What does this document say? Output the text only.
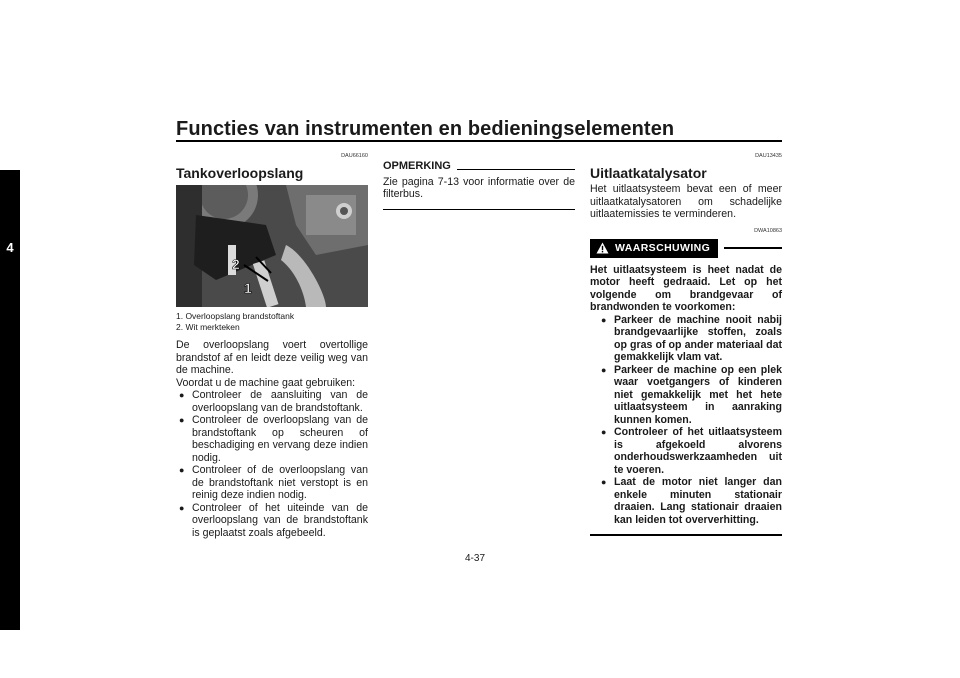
Functies van instrumenten en bedieningselementen
4
DAU66160
Tankoverloopslang
2
1
1. Overloopslang brandstoftank
2. Wit merkteken
De overloopslang voert overtollige brandstof af en leidt deze veilig weg van de machine.
Voordat u de machine gaat gebruiken:
● Controleer de aansluiting van de overloopslang van de brandstoftank.
● Controleer de overloopslang van de brandstoftank op scheuren of beschadiging en vervang deze indien nodig.
● Controleer of de overloopslang van de brandstoftank niet verstopt is en reinig deze indien nodig.
● Controleer of het uiteinde van de overloopslang van de brandstoftank is geplaatst zoals afgebeeld.
OPMERKING
Zie pagina 7-13 voor informatie over de filterbus.
DAU13435
Uitlaatkatalysator
Het uitlaatsysteem bevat een of meer uitlaatkatalysatoren om schadelijke uitlaatemissies te verminderen.
DWA10863
WAARSCHUWING
Het uitlaatsysteem is heet nadat de motor heeft gedraaid. Let op het volgende om brandgevaar of brandwonden te voorkomen:
● Parkeer de machine nooit nabij brandgevaarlijke stoffen, zoals op gras of op ander materiaal dat gemakkelijk vlam vat.
● Parkeer de machine op een plek waar voetgangers of kinderen niet gemakkelijk met het hete uitlaatsysteem in aanraking kunnen komen.
● Controleer of het uitlaatsysteem is afgekoeld alvorens onderhoudswerkzaamheden uit te voeren.
● Laat de motor niet langer dan enkele minuten stationair draaien. Lang stationair draaien kan leiden tot oververhitting.
4-37
